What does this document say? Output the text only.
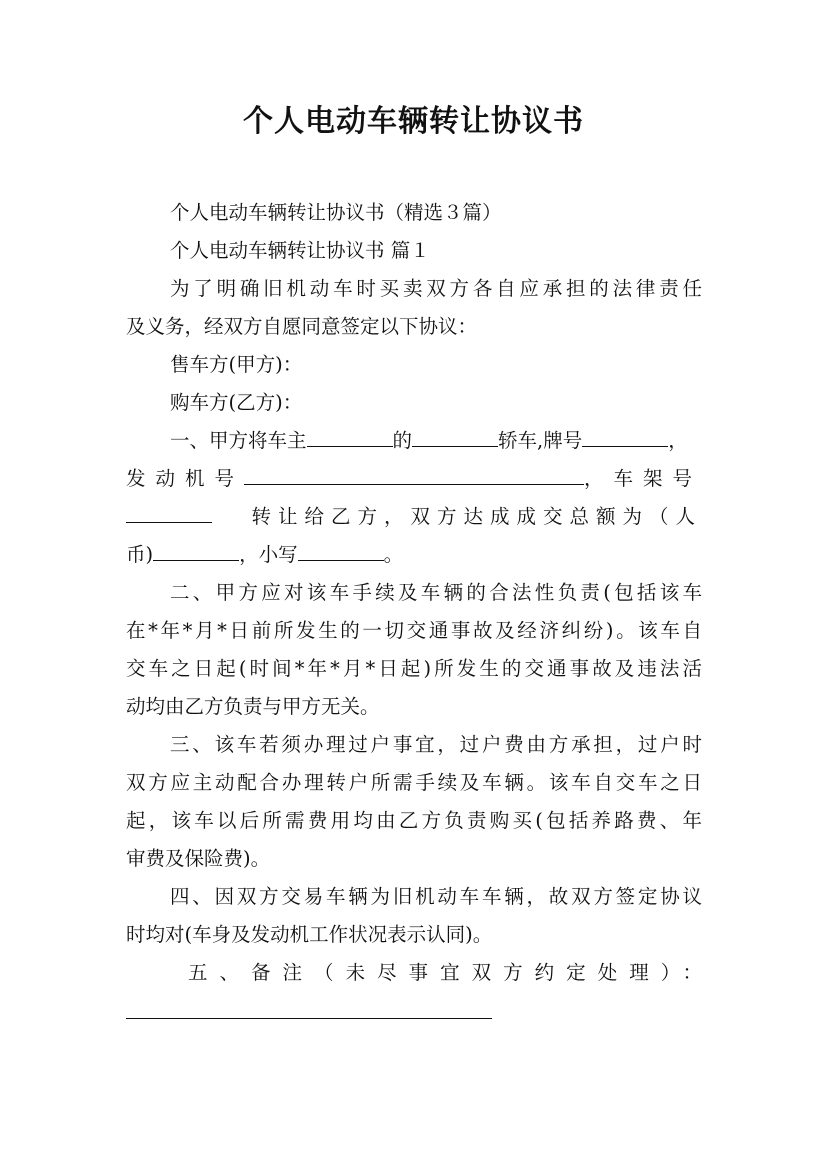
个人电动车辆转让协议书
个人电动车辆转让协议书（精选３篇）
个人电动车辆转让协议书 篇１
为了明确旧机动车时买卖双方各自应承担的法律责任
及义务，经双方自愿同意签定以下协议：
售车方(甲方)：
购车方(乙方)：
一、甲方将车主	的	轿车,牌号	，
发动机号	，车架号
转让给乙方，双方达成成交总额为（人
币)	，小写	。
二、甲方应对该车手续及车辆的合法性负责(包括该车
在*年*月*日前所发生的一切交通事故及经济纠纷)。该车自
交车之日起(时间*年*月*日起)所发生的交通事故及违法活
动均由乙方负责与甲方无关。
三、该车若须办理过户事宜，过户费由方承担，过户时
双方应主动配合办理转户所需手续及车辆。该车自交车之日
起，该车以后所需费用均由乙方负责购买(包括养路费、年
审费及保险费)。
四、因双方交易车辆为旧机动车车辆，故双方签定协议
时均对(车身及发动机工作状况表示认同)。
五、备注（未尽事宜双方约定处理）：
